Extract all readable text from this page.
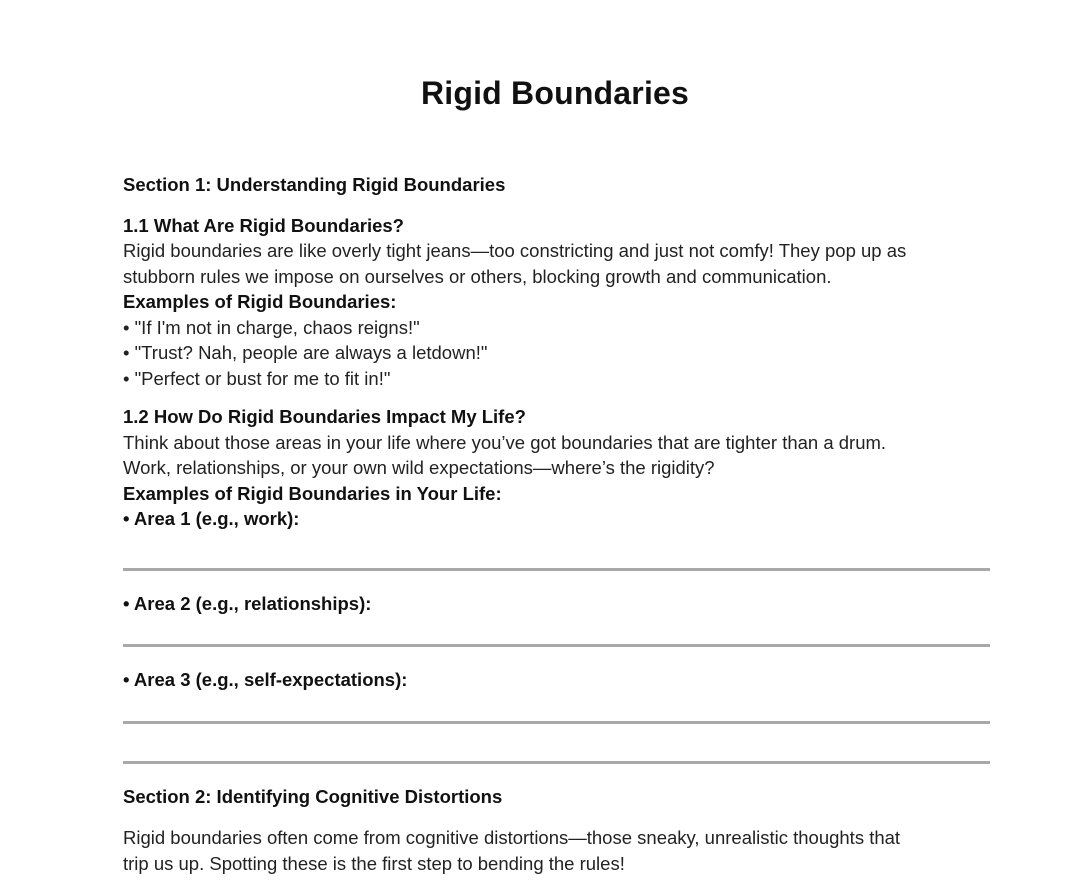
Rigid Boundaries
Section 1: Understanding Rigid Boundaries
1.1 What Are Rigid Boundaries?
Rigid boundaries are like overly tight jeans—too constricting and just not comfy! They pop up as
stubborn rules we impose on ourselves or others, blocking growth and communication.
Examples of Rigid Boundaries:
• "If I'm not in charge, chaos reigns!"
• "Trust? Nah, people are always a letdown!"
• "Perfect or bust for me to fit in!"
1.2 How Do Rigid Boundaries Impact My Life?
Think about those areas in your life where you’ve got boundaries that are tighter than a drum.
Work, relationships, or your own wild expectations—where’s the rigidity?
Examples of Rigid Boundaries in Your Life:
• Area 1 (e.g., work):
• Area 2 (e.g., relationships):
• Area 3 (e.g., self-expectations):
Section 2: Identifying Cognitive Distortions
Rigid boundaries often come from cognitive distortions—those sneaky, unrealistic thoughts that
trip us up. Spotting these is the first step to bending the rules!
